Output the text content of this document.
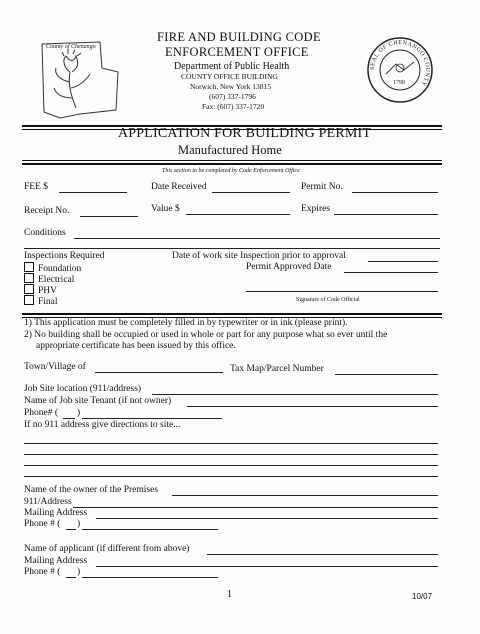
County of Chenango
FIRE AND BUILDING CODE
ENFORCEMENT OFFICE
Department of Public Health
COUNTY OFFICE BUILDING
Norwich, New York 13815
(607) 337-1796
Fax: (607) 337-1720
SEAL OF CHENANGO COUNTY
1798
APPLICATION FOR BUILDING PERMIT
Manufactured Home
This section to be completed by Code Enforcement Office
FEE $	Date Received	Permit No.
Receipt No.	Value $	Expires
Conditions
Inspections Required
Foundation
Electrical
PHV
Final
Date of work site Inspection prior to approval
Permit Approved Date
Signature of Code Official
1) This application must be completely filled in by typewriter or in ink (please print).
2) No building shall be occupied or used in whole or part for any purpose what so ever until the
appropriate certificate has been issued by this office.
Town/Village of	Tax Map/Parcel Number
Job Site location (911/address)
Name of Job site Tenant (if not owner)
Phone# ( )
If no 911 address give directions to site...
Name of the owner of the Premises
911/Address
Mailing Address
Phone # ( )
Name of applicant (if different from above)
Mailing Address
Phone # ( )
1	10/07
